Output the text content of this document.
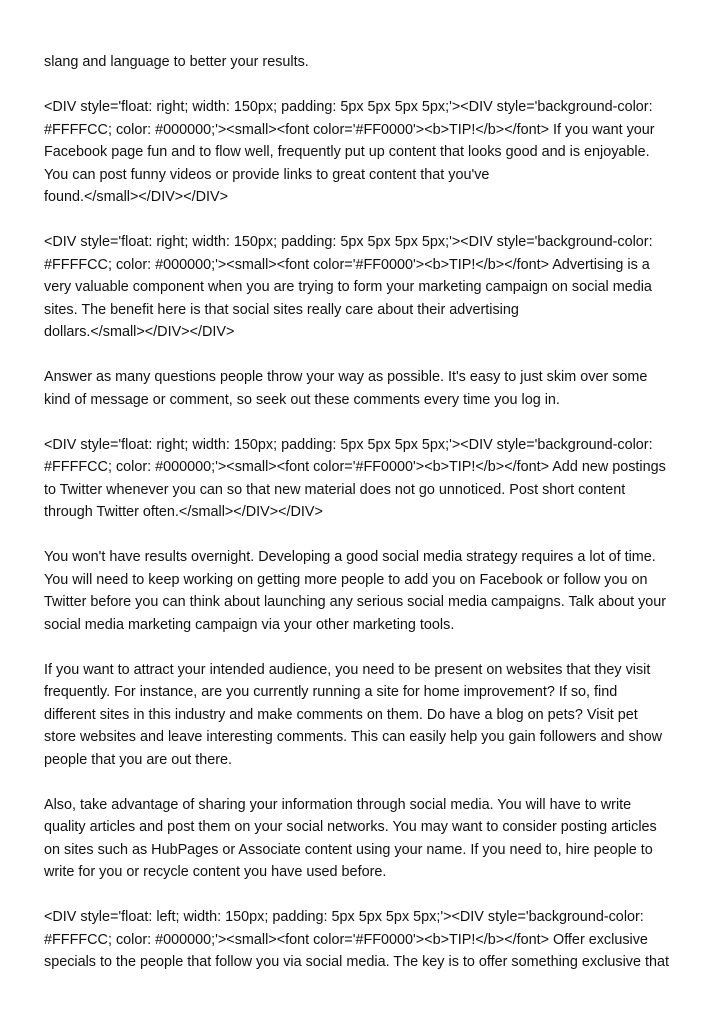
slang and language to better your results.

<DIV style='float: right; width: 150px; padding: 5px 5px 5px 5px;'><DIV style='background-color:
#FFFFCC; color: #000000;'><small><font color='#FF0000'><b>TIP!</b></font> If you want your
Facebook page fun and to flow well, frequently put up content that looks good and is enjoyable.
You can post funny videos or provide links to great content that you've
found.</small></DIV></DIV>

<DIV style='float: right; width: 150px; padding: 5px 5px 5px 5px;'><DIV style='background-color:
#FFFFCC; color: #000000;'><small><font color='#FF0000'><b>TIP!</b></font> Advertising is a
very valuable component when you are trying to form your marketing campaign on social media
sites. The benefit here is that social sites really care about their advertising
dollars.</small></DIV></DIV>

Answer as many questions people throw your way as possible. It's easy to just skim over some
kind of message or comment, so seek out these comments every time you log in.

<DIV style='float: right; width: 150px; padding: 5px 5px 5px 5px;'><DIV style='background-color:
#FFFFCC; color: #000000;'><small><font color='#FF0000'><b>TIP!</b></font> Add new postings
to Twitter whenever you can so that new material does not go unnoticed. Post short content
through Twitter often.</small></DIV></DIV>

You won't have results overnight. Developing a good social media strategy requires a lot of time.
You will need to keep working on getting more people to add you on Facebook or follow you on
Twitter before you can think about launching any serious social media campaigns. Talk about your
social media marketing campaign via your other marketing tools.

If you want to attract your intended audience, you need to be present on websites that they visit
frequently. For instance, are you currently running a site for home improvement? If so, find
different sites in this industry and make comments on them. Do have a blog on pets? Visit pet
store websites and leave interesting comments. This can easily help you gain followers and show
people that you are out there.

Also, take advantage of sharing your information through social media. You will have to write
quality articles and post them on your social networks. You may want to consider posting articles
on sites such as HubPages or Associate content using your name. If you need to, hire people to
write for you or recycle content you have used before.

<DIV style='float: left; width: 150px; padding: 5px 5px 5px 5px;'><DIV style='background-color:
#FFFFCC; color: #000000;'><small><font color='#FF0000'><b>TIP!</b></font> Offer exclusive
specials to the people that follow you via social media. The key is to offer something exclusive that
